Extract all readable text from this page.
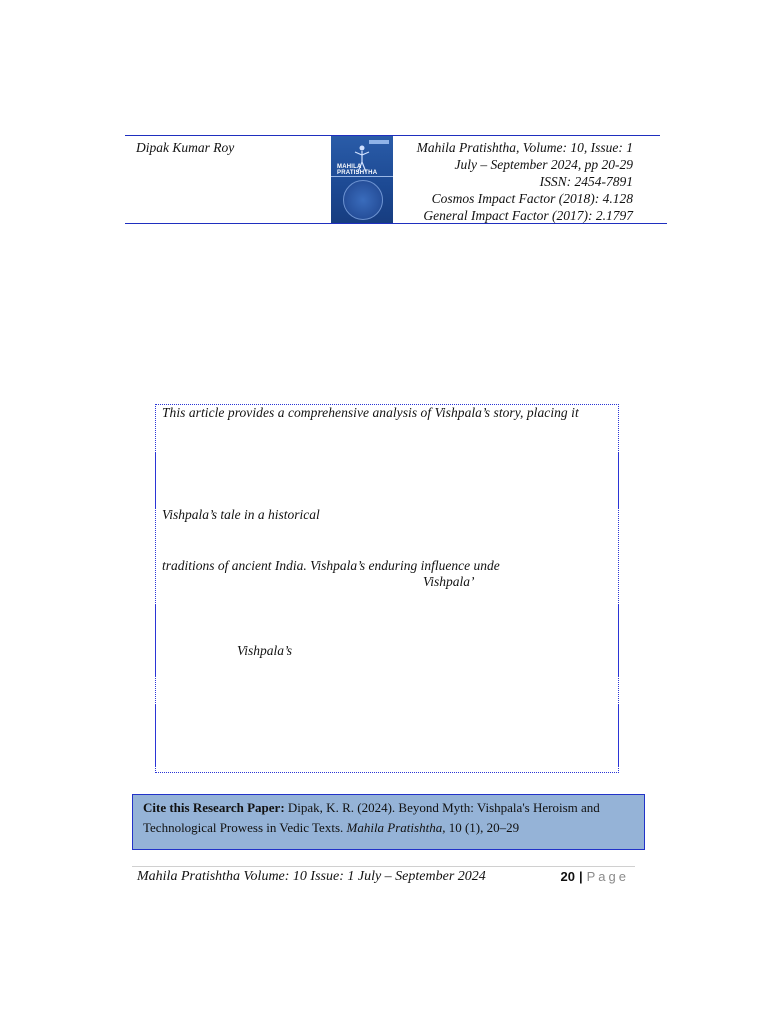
Dipak Kumar Roy
MAHILA
PRATISHTHA
Mahila Pratishtha, Volume: 10, Issue: 1
July – September 2024, pp 20-29
ISSN: 2454-7891
Cosmos Impact Factor (2018): 4.128
General Impact Factor (2017): 2.1797
This article provides a comprehensive analysis of Vishpala’s story, placing it
Vishpala’s tale in a historical
traditions of ancient India. Vishpala’s enduring influence unde
Vishpala’
Vishpala’s
Cite this Research Paper: Dipak, K. R. (2024). Beyond Myth: Vishpala's Heroism and Technological Prowess in Vedic Texts. Mahila Pratishtha, 10 (1), 20–29
Mahila Pratishtha Volume: 10 Issue: 1 July – September 2024	20 | Page
